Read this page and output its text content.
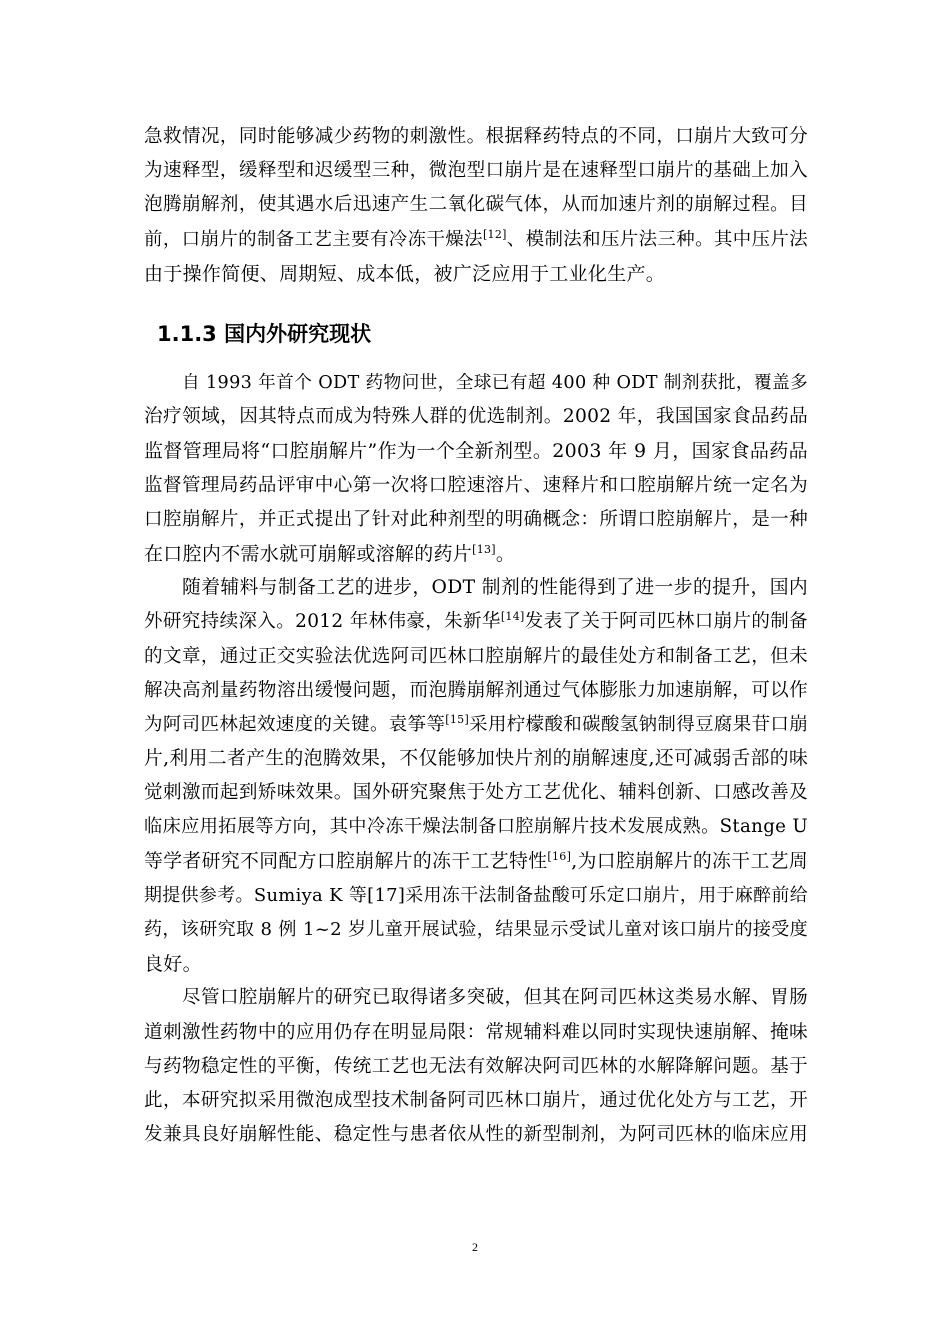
急救情况，同时能够减少药物的刺激性。根据释药特点的不同，口崩片大致可分
为速释型，缓释型和迟缓型三种，微泡型口崩片是在速释型口崩片的基础上加入
泡腾崩解剂，使其遇水后迅速产生二氧化碳气体，从而加速片剂的崩解过程。目
前，口崩片的制备工艺主要有冷冻干燥法[12]、模制法和压片法三种。其中压片法
由于操作简便、周期短、成本低，被广泛应用于工业化生产。
1.1.3 国内外研究现状
自 1993 年首个 ODT 药物问世，全球已有超 400 种 ODT 制剂获批，覆盖多
治疗领域，因其特点而成为特殊人群的优选制剂。2002 年，我国国家食品药品
监督管理局将“口腔崩解片”作为一个全新剂型。2003 年 9 月，国家食品药品
监督管理局药品评审中心第一次将口腔速溶片、速释片和口腔崩解片统一定名为
口腔崩解片，并正式提出了针对此种剂型的明确概念：所谓口腔崩解片，是一种
在口腔内不需水就可崩解或溶解的药片[13]。
随着辅料与制备工艺的进步，ODT 制剂的性能得到了进一步的提升，国内
外研究持续深入。2012 年林伟豪，朱新华[14]发表了关于阿司匹林口崩片的制备
的文章，通过正交实验法优选阿司匹林口腔崩解片的最佳处方和制备工艺，但未
解决高剂量药物溶出缓慢问题，而泡腾崩解剂通过气体膨胀力加速崩解，可以作
为阿司匹林起效速度的关键。袁筝等[15]采用柠檬酸和碳酸氢钠制得豆腐果苷口崩
片,利用二者产生的泡腾效果，不仅能够加快片剂的崩解速度,还可减弱舌部的味
觉刺激而起到矫味效果。国外研究聚焦于处方工艺优化、辅料创新、口感改善及
临床应用拓展等方向，其中冷冻干燥法制备口腔崩解片技术发展成熟。Stange U
等学者研究不同配方口腔崩解片的冻干工艺特性[16],为口腔崩解片的冻干工艺周
期提供参考。Sumiya K 等[17]采用冻干法制备盐酸可乐定口崩片，用于麻醉前给
药，该研究取 8 例 1~2 岁儿童开展试验，结果显示受试儿童对该口崩片的接受度
良好。
尽管口腔崩解片的研究已取得诸多突破，但其在阿司匹林这类易水解、胃肠
道刺激性药物中的应用仍存在明显局限：常规辅料难以同时实现快速崩解、掩味
与药物稳定性的平衡，传统工艺也无法有效解决阿司匹林的水解降解问题。基于
此，本研究拟采用微泡成型技术制备阿司匹林口崩片，通过优化处方与工艺，开
发兼具良好崩解性能、稳定性与患者依从性的新型制剂，为阿司匹林的临床应用
2
